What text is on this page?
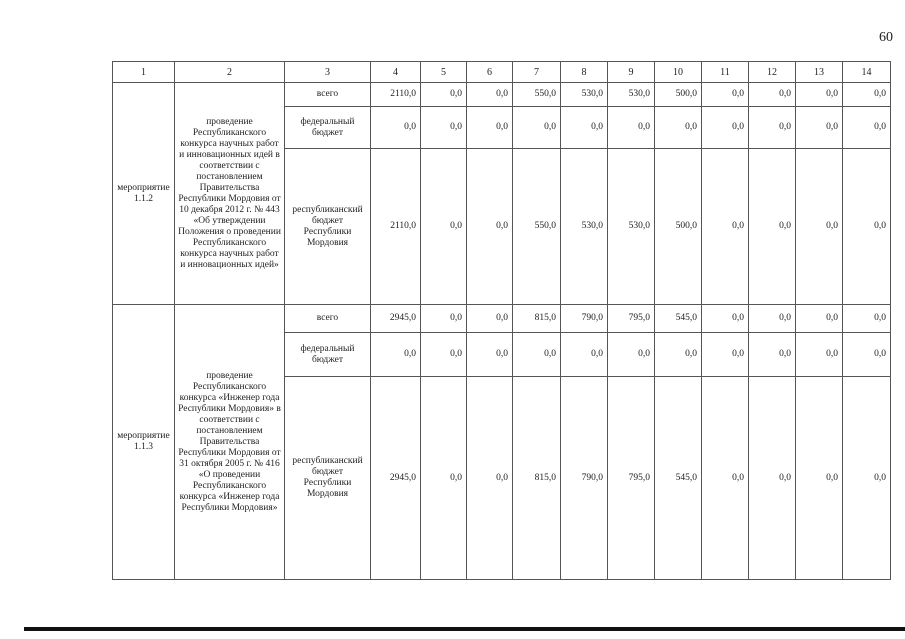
60
1	2	3	4	5	6	7	8	9	10	11	12	13	14
мероприятие 1.1.2	проведение Республиканского конкурса научных работ и инновационных идей в соответствии с постановлением Правительства Республики Мордовия от 10 декабря 2012 г. № 443 «Об утверждении Положения о проведении Республиканского конкурса научных работ и инновационных идей»	всего	2110,0	0,0	0,0	550,0	530,0	530,0	500,0	0,0	0,0	0,0	0,0
		федеральный бюджет	0,0	0,0	0,0	0,0	0,0	0,0	0,0	0,0	0,0	0,0	0,0
		республиканский бюджет Республики Мордовия	2110,0	0,0	0,0	550,0	530,0	530,0	500,0	0,0	0,0	0,0	0,0
мероприятие 1.1.3	проведение Республиканского конкурса «Инженер года Республики Мордовия» в соответствии с постановлением Правительства Республики Мордовия от 31 октября 2005 г. № 416 «О проведении Республиканского конкурса «Инженер года Республики Мордовия»	всего	2945,0	0,0	0,0	815,0	790,0	795,0	545,0	0,0	0,0	0,0	0,0
		федеральный бюджет	0,0	0,0	0,0	0,0	0,0	0,0	0,0	0,0	0,0	0,0	0,0
		республиканский бюджет Республики Мордовия	2945,0	0,0	0,0	815,0	790,0	795,0	545,0	0,0	0,0	0,0	0,0
